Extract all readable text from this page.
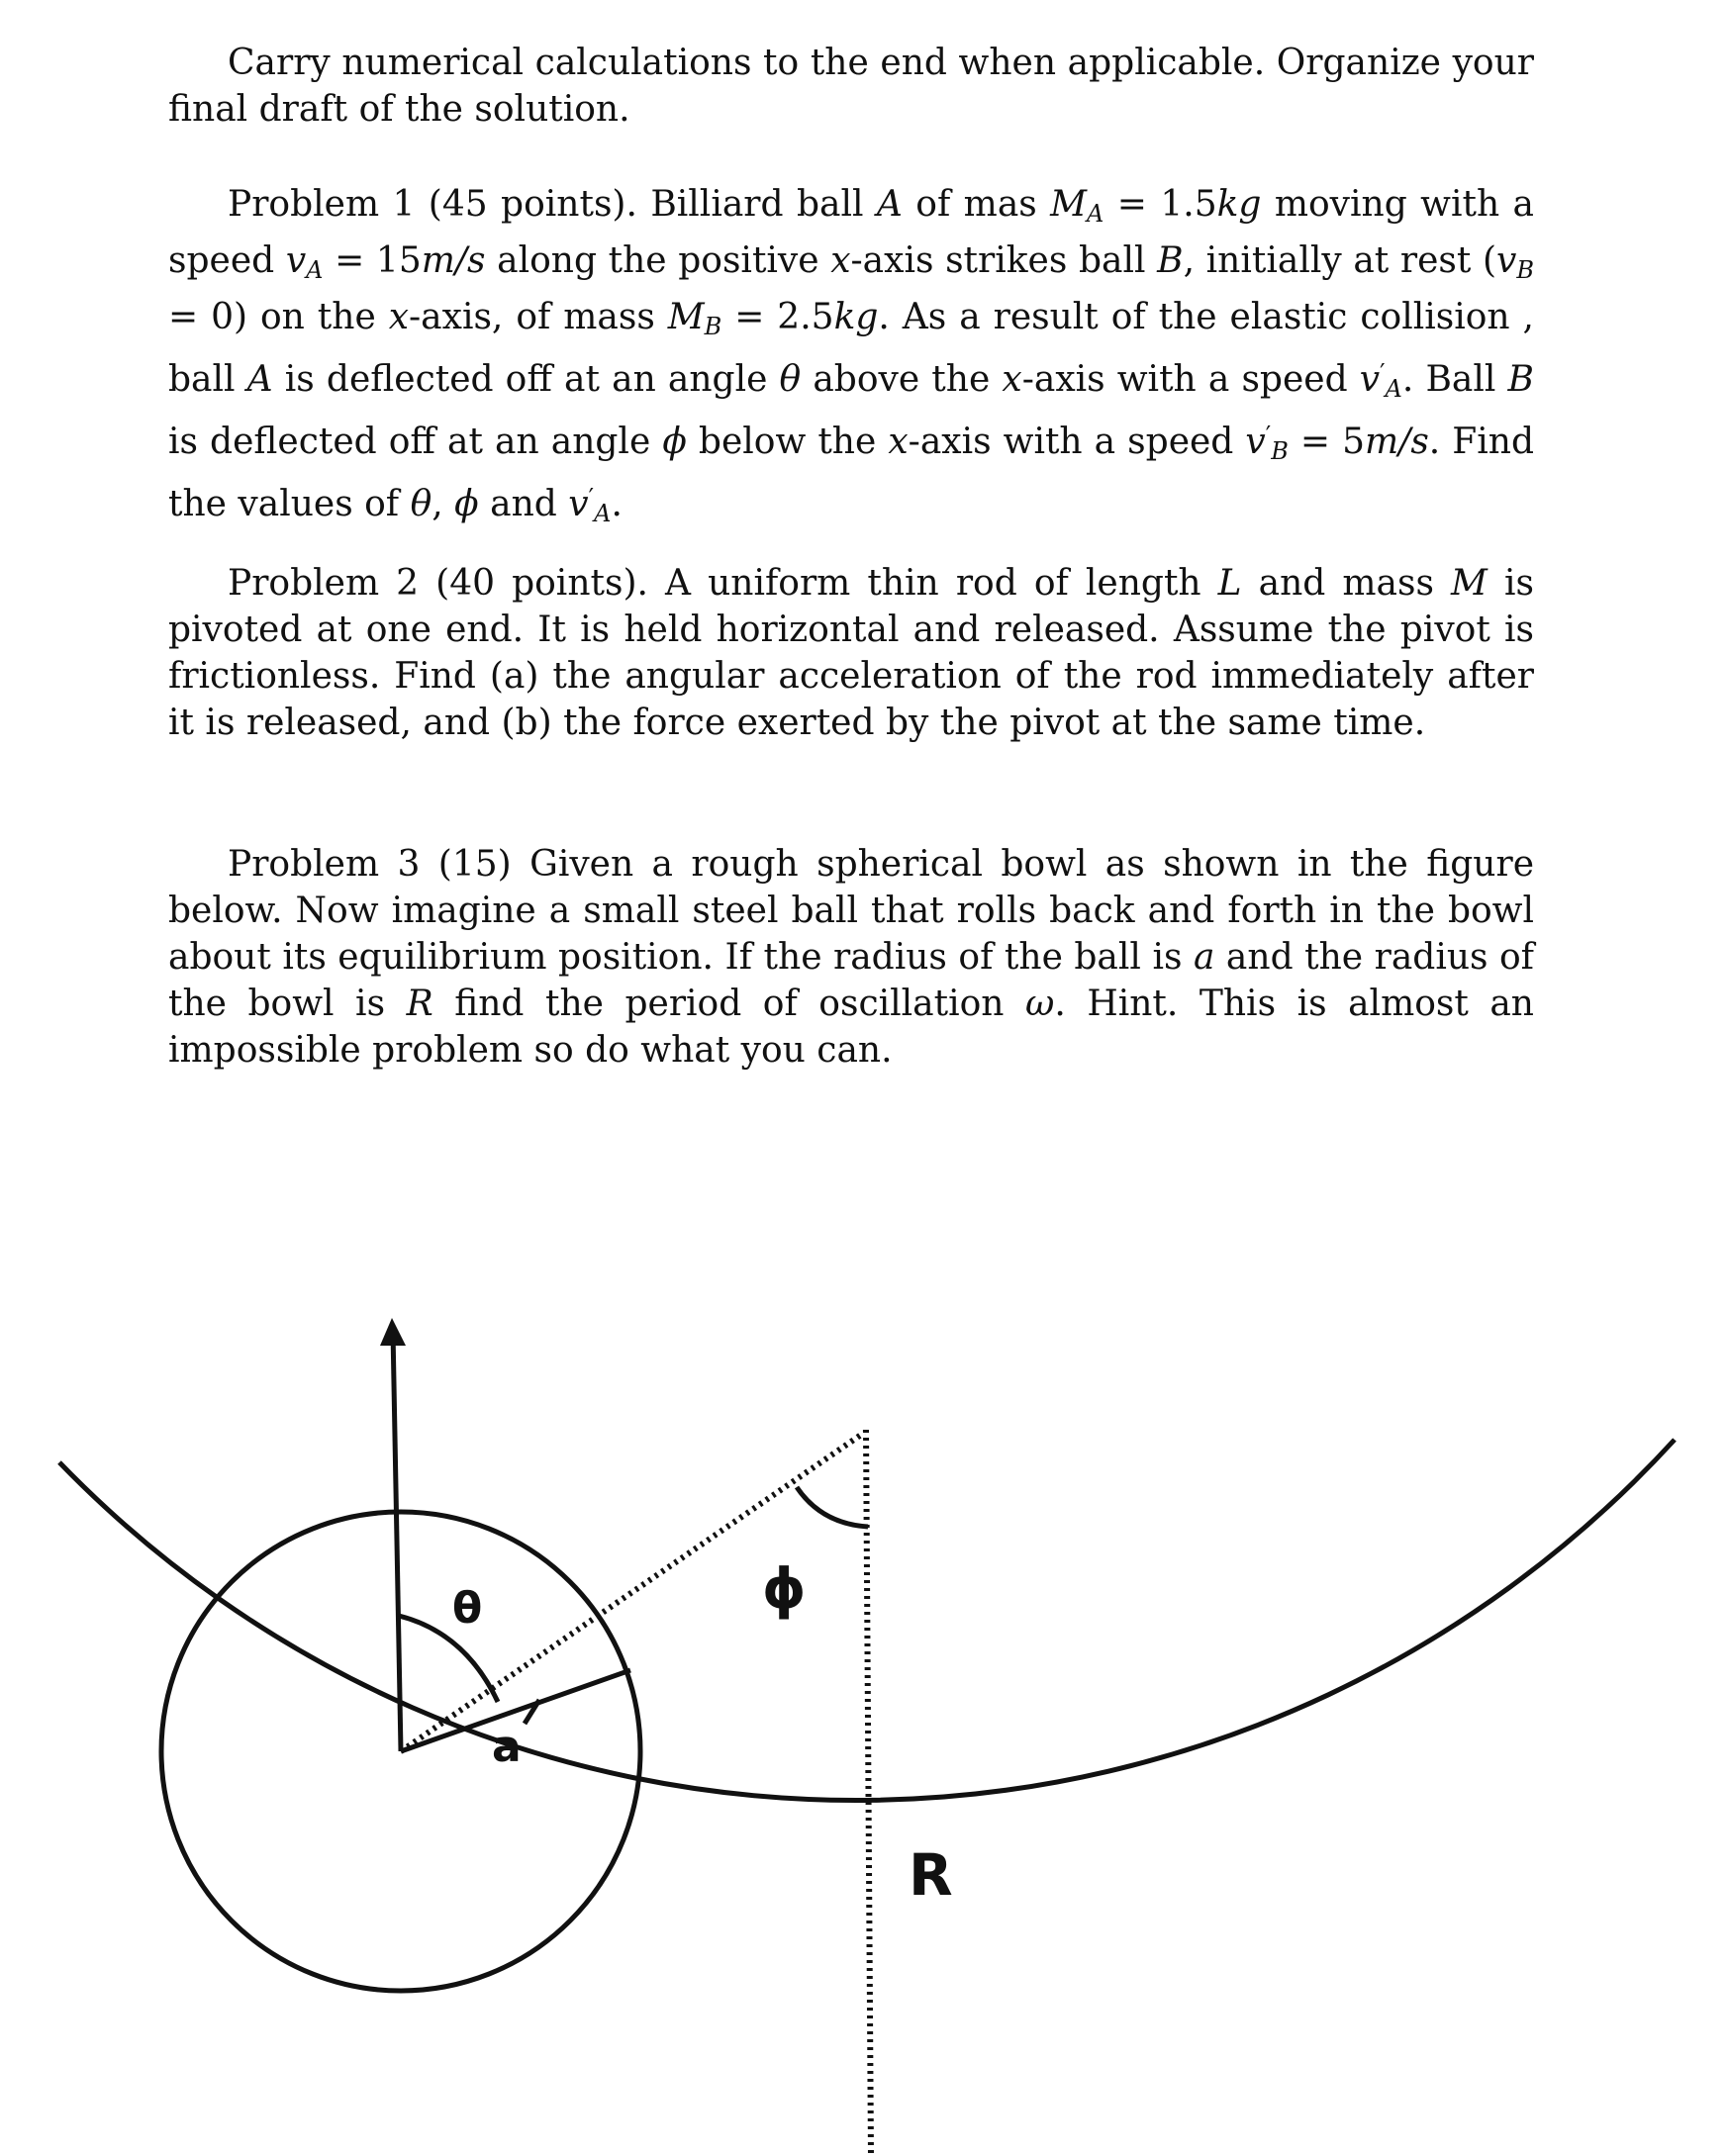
Carry numerical calculations to the end when applicable. Organize your final draft of the solution.

Problem 1 (45 points). Billiard ball A of mas $M_A = 1.5kg$ moving with a speed $v_A = 15m/s$ along the positive x-axis strikes ball B, initially at rest $(v_B = 0)$ on the x-axis, of mass $M_B = 2.5kg$. As a result of the elastic collision , ball A is deflected off at an angle θ above the x-axis with a speed $v'_A$. Ball B is deflected off at an angle ϕ below the x-axis with a speed $v'_B = 5m/s$. Find the values of θ, ϕ and $v'_A$.

Problem 2 (40 points). A uniform thin rod of length L and mass M is pivoted at one end. It is held horizontal and released. Assume the pivot is frictionless. Find (a) the angular acceleration of the rod immediately after it is released, and (b) the force exerted by the pivot at the same time.

Problem 3 (15) Given a rough spherical bowl as shown in the figure below. Now imagine a small steel ball that rolls back and forth in the bowl about its equilibrium position. If the radius of the ball is a and the radius of the bowl is R find the period of oscillation ω. Hint. This is almost an impossible problem so do what you can.

θ
a
ϕ
R
